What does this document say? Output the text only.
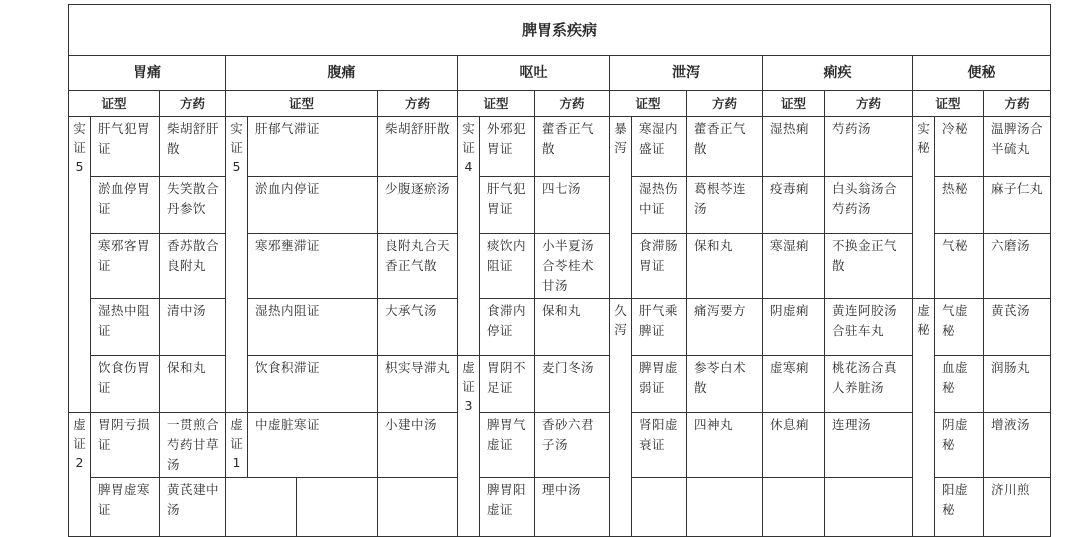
脾胃系疾病																	
胃痛			腹痛				呕吐			泄泻			痢疾		便秘		
证型		方药	证型			方药	证型		方药	证型		方药	证型	方药	证型		方药
实证5	肝气犯胃证	柴胡舒肝散	实证5	肝郁气滞证		柴胡舒肝散	实证4	外邪犯胃证	藿香正气散	暴泻	寒湿内盛证	藿香正气散	湿热痢	芍药汤	实秘	冷秘	温脾汤合半硫丸
	淤血停胃证	失笑散合丹参饮		淤血内停证		少腹逐瘀汤		肝气犯胃证	四七汤		湿热伤中证	葛根芩连汤	疫毒痢	白头翁汤合芍药汤		热秘	麻子仁丸
	寒邪客胃证	香苏散合良附丸		寒邪壅滞证		良附丸合天香正气散		痰饮内阻证	小半夏汤合苓桂术甘汤		食滞肠胃证	保和丸	寒湿痢	不换金正气散		气秘	六磨汤
	湿热中阻证	清中汤		湿热内阻证		大承气汤		食滞内停证	保和丸	久泻	肝气乘脾证	痛泻要方	阴虚痢	黄连阿胶汤合驻车丸	虚秘	气虚秘	黄芪汤
	饮食伤胃证	保和丸		饮食积滞证		枳实导滞丸	虚证3	胃阴不足证	麦门冬汤		脾胃虚弱证	参苓白术散	虚寒痢	桃花汤合真人养脏汤		血虚秘	润肠丸
虚证2	胃阴亏损证	一贯煎合芍药甘草汤	虚证1	中虚脏寒证		小建中汤		脾胃气虚证	香砂六君子汤		肾阳虚衰证	四神丸	休息痢	连理汤		阴虚秘	增液汤
	脾胃虚寒证	黄芪建中汤						脾胃阳虚证	理中汤							阳虚秘	济川煎
